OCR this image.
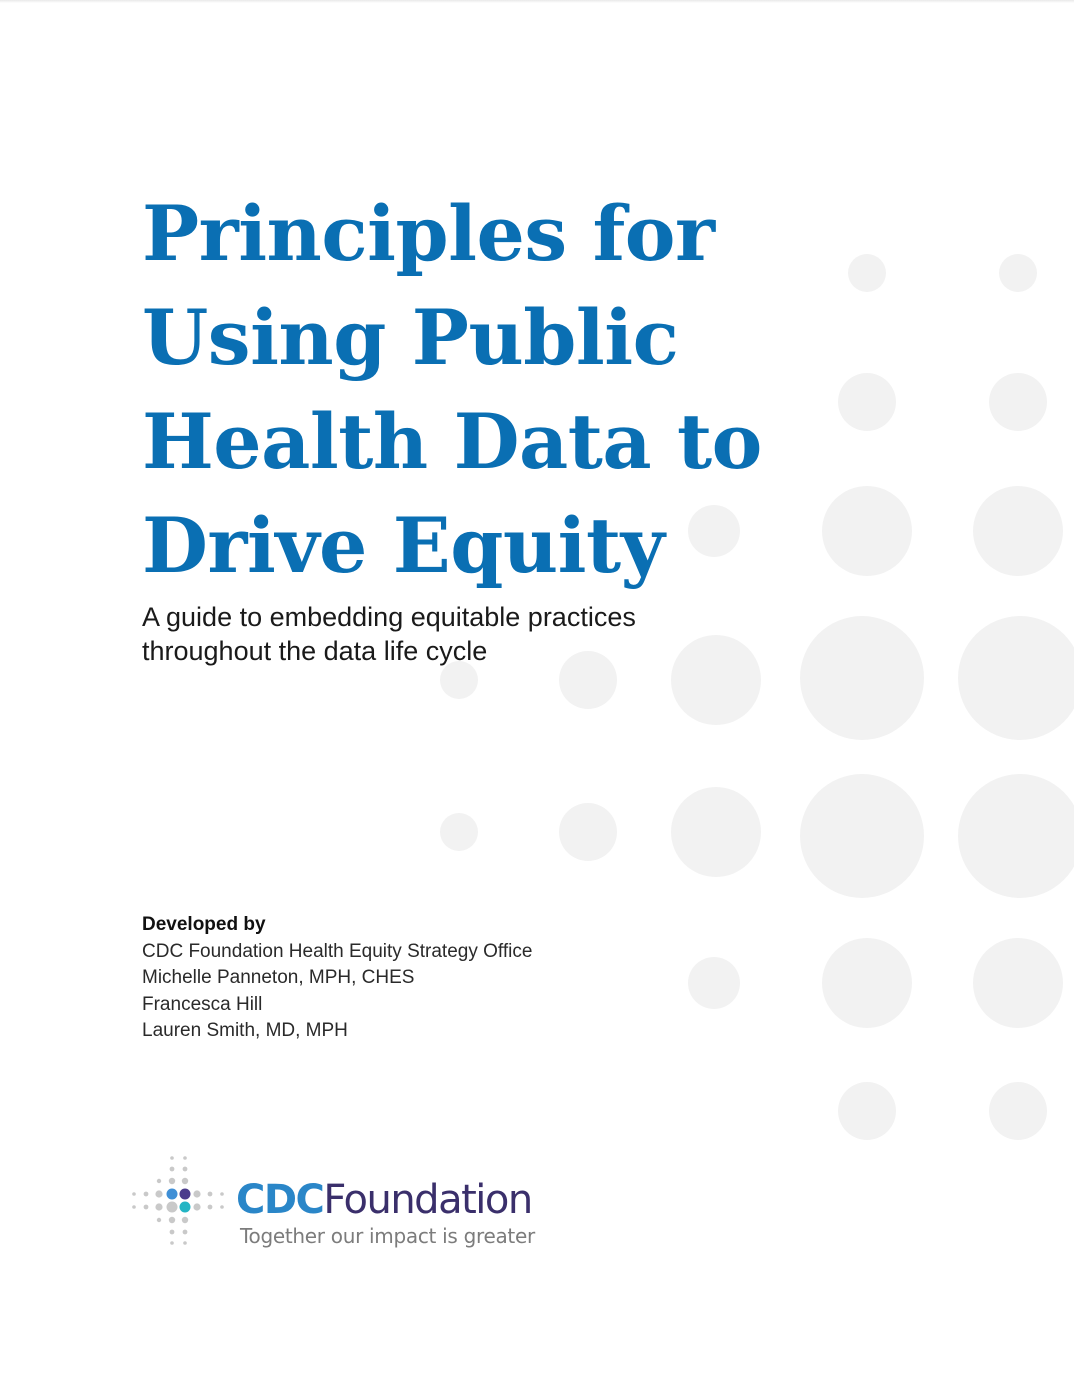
Principles for
Using Public
Health Data to
Drive Equity

A guide to embedding equitable practices
throughout the data life cycle

Developed by
CDC Foundation Health Equity Strategy Office
Michelle Panneton, MPH, CHES
Francesca Hill
Lauren Smith, MD, MPH
CDCFoundation
Together our impact is greater
